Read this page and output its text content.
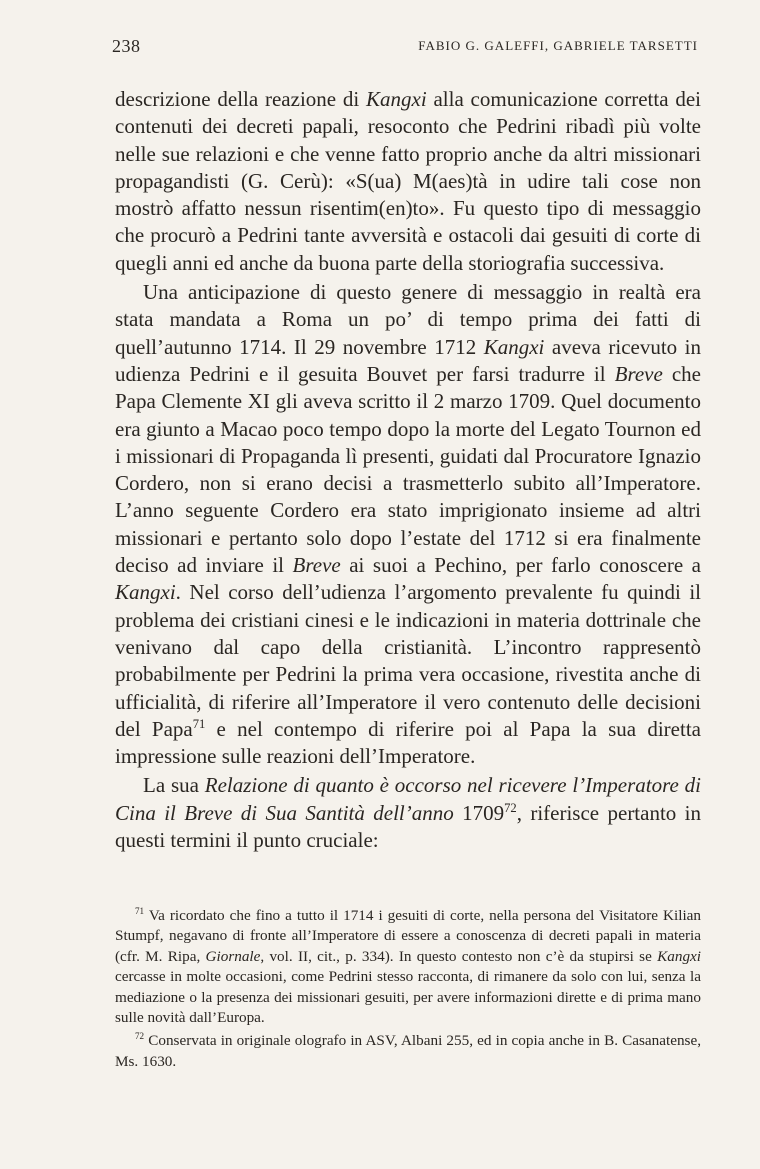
238	FABIO G. GALEFFI, GABRIELE TARSETTI

descrizione della reazione di Kangxi alla comunicazione corretta dei contenuti dei decreti papali, resoconto che Pedrini ribadì più volte nelle sue relazioni e che venne fatto proprio anche da altri missionari propagandisti (G. Cerù): «S(ua) M(aes)tà in udire tali cose non mostrò affatto nessun risentim(en)to». Fu questo tipo di messaggio che procurò a Pedrini tante avversità e ostacoli dai gesuiti di corte di quegli anni ed anche da buona parte della storiografia successiva.

Una anticipazione di questo genere di messaggio in realtà era stata mandata a Roma un po’ di tempo prima dei fatti di quell’autunno 1714. Il 29 novembre 1712 Kangxi aveva ricevuto in udienza Pedrini e il gesuita Bouvet per farsi tradurre il Breve che Papa Clemente XI gli aveva scritto il 2 marzo 1709. Quel documento era giunto a Macao poco tempo dopo la morte del Legato Tournon ed i missionari di Propaganda lì presenti, guidati dal Procuratore Ignazio Cordero, non si erano decisi a trasmetterlo subito all’Imperatore. L’anno seguente Cordero era stato imprigionato insieme ad altri missionari e pertanto solo dopo l’estate del 1712 si era finalmente deciso ad inviare il Breve ai suoi a Pechino, per farlo conoscere a Kangxi. Nel corso dell’udienza l’argomento prevalente fu quindi il problema dei cristiani cinesi e le indicazioni in materia dottrinale che venivano dal capo della cristianità. L’incontro rappresentò probabilmente per Pedrini la prima vera occasione, rivestita anche di ufficialità, di riferire all’Imperatore il vero contenuto delle decisioni del Papa$^{71}$ e nel contempo di riferire poi al Papa la sua diretta impressione sulle reazioni dell’Imperatore.

La sua Relazione di quanto è occorso nel ricevere l’Imperatore di Cina il Breve di Sua Santità dell’anno 1709$^{72}$, riferisce pertanto in questi termini il punto cruciale:

$^{71}$ Va ricordato che fino a tutto il 1714 i gesuiti di corte, nella persona del Visitatore Kilian Stumpf, negavano di fronte all’Imperatore di essere a conoscenza di decreti papali in materia (cfr. M. Ripa, Giornale, vol. II, cit., p. 334). In questo contesto non c’è da stupirsi se Kangxi cercasse in molte occasioni, come Pedrini stesso racconta, di rimanere da solo con lui, senza la mediazione o la presenza dei missionari gesuiti, per avere informazioni dirette e di prima mano sulle novità dall’Europa.

$^{72}$ Conservata in originale olografo in ASV, Albani 255, ed in copia anche in B. Casanatense, Ms. 1630.
